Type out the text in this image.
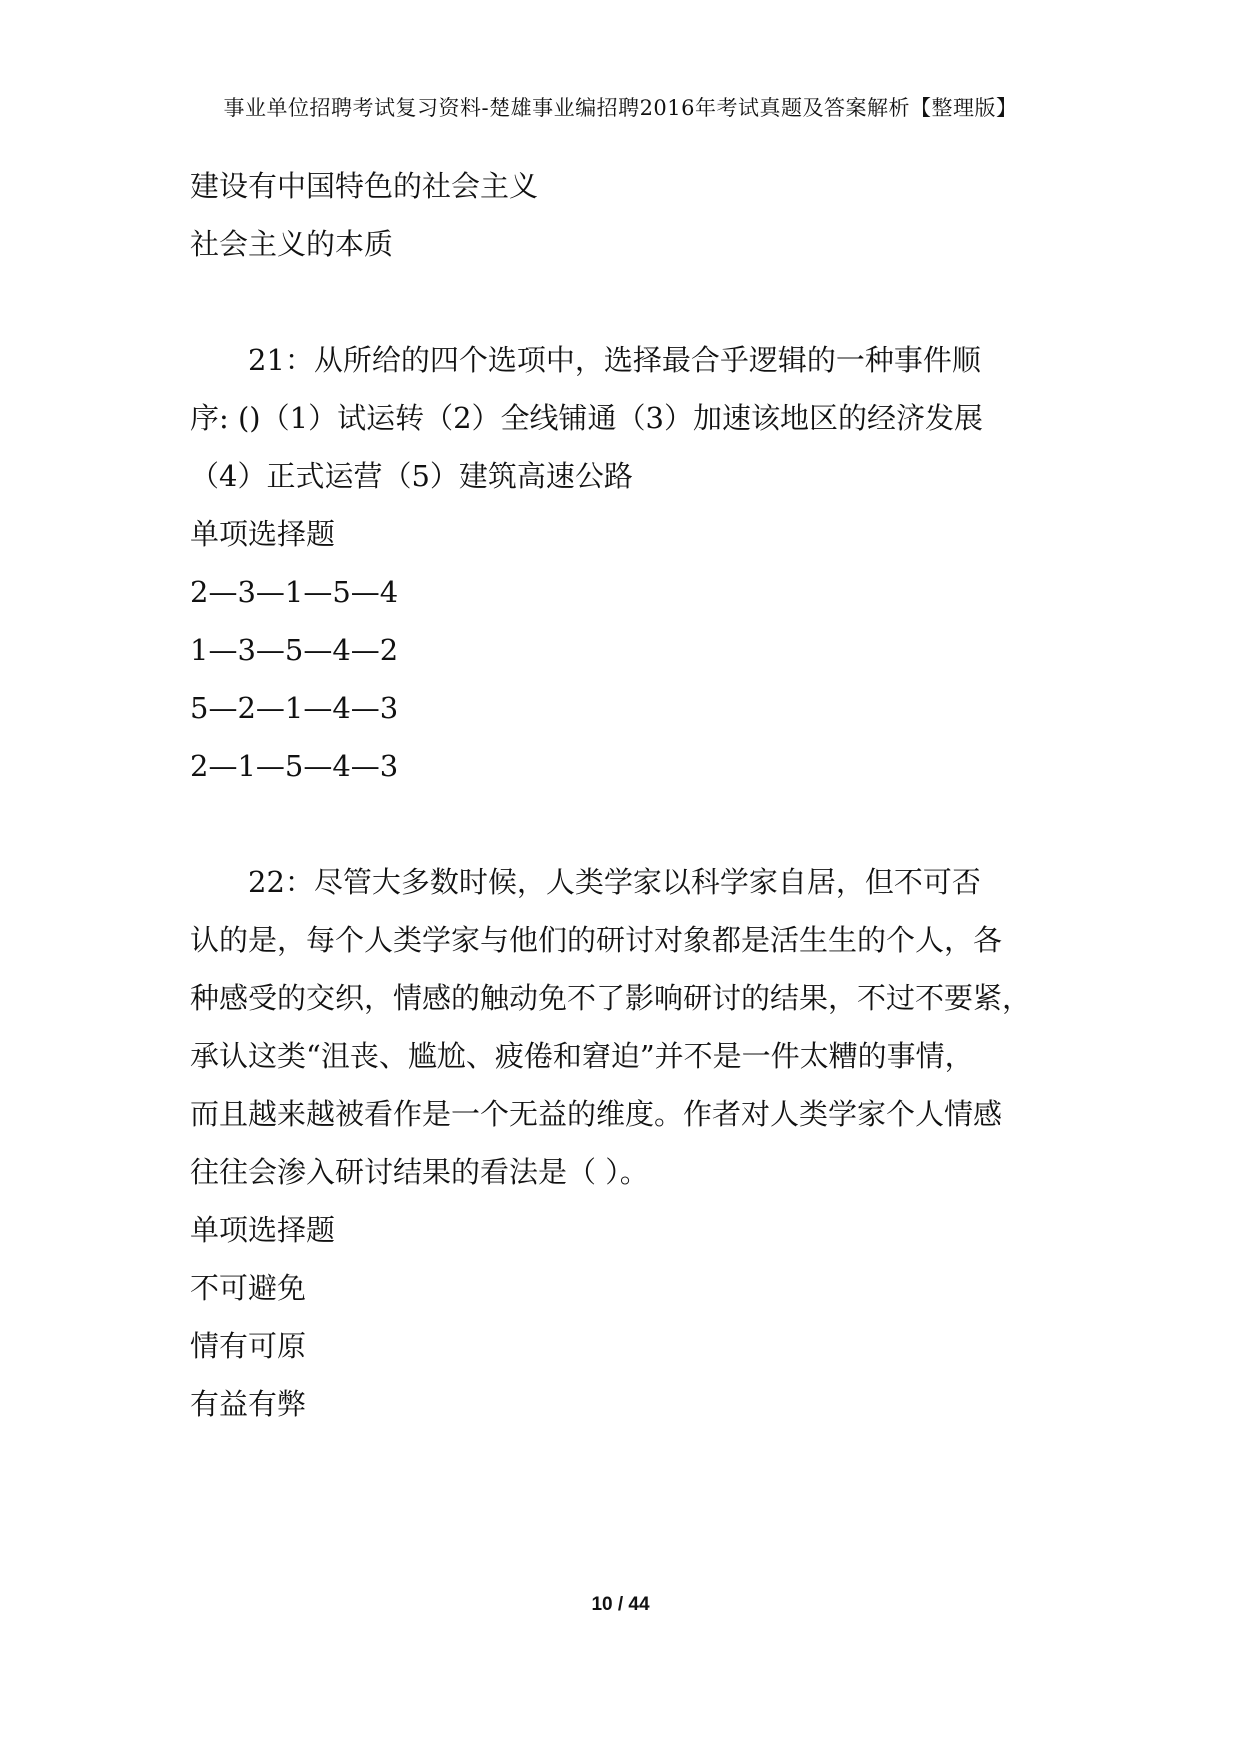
事业单位招聘考试复习资料-楚雄事业编招聘2016年考试真题及答案解析【整理版】
建设有中国特色的社会主义
社会主义的本质
21：从所给的四个选项中，选择最合乎逻辑的一种事件顺
序: ()（1）试运转（2）全线铺通（3）加速该地区的经济发展
（4）正式运营（5）建筑高速公路
单项选择题
2—3—1—5—4
1—3—5—4—2
5—2—1—4—3
2—1—5—4—3
22：尽管大多数时候，人类学家以科学家自居，但不可否
认的是，每个人类学家与他们的研讨对象都是活生生的个人，各
种感受的交织，情感的触动免不了影响研讨的结果，不过不要紧，
承认这类“沮丧、尴尬、疲倦和窘迫”并不是一件太糟的事情，
而且越来越被看作是一个无益的维度。作者对人类学家个人情感
往往会渗入研讨结果的看法是（ ）。
单项选择题
不可避免
情有可原
有益有弊
10 / 44
